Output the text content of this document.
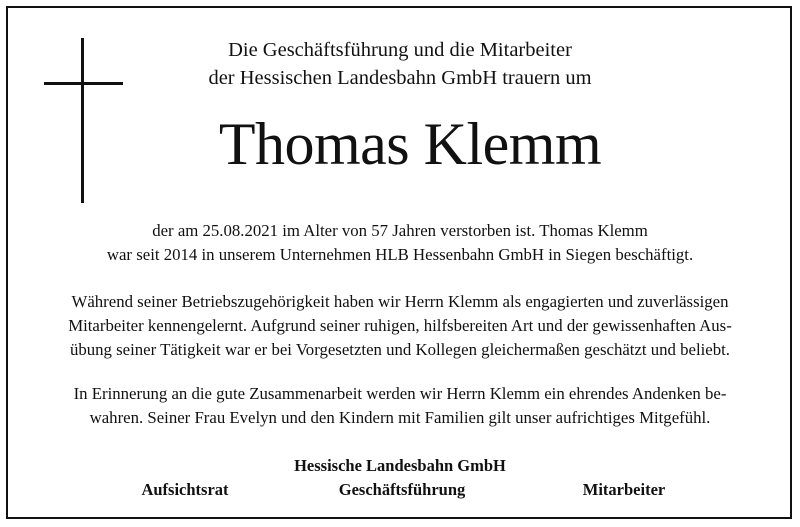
Die Geschäftsführung und die Mitarbeiter
der Hessischen Landesbahn GmbH trauern um
Thomas Klemm
der am 25.08.2021 im Alter von 57 Jahren verstorben ist. Thomas Klemm
war seit 2014 in unserem Unternehmen HLB Hessenbahn GmbH in Siegen beschäftigt.
Während seiner Betriebszugehörigkeit haben wir Herrn Klemm als engagierten und zuverlässigen
Mitarbeiter kennengelernt. Aufgrund seiner ruhigen, hilfsbereiten Art und der gewissenhaften Aus-
übung seiner Tätigkeit war er bei Vorgesetzten und Kollegen gleichermaßen geschätzt und beliebt.
In Erinnerung an die gute Zusammenarbeit werden wir Herrn Klemm ein ehrendes Andenken be-
wahren. Seiner Frau Evelyn und den Kindern mit Familien gilt unser aufrichtiges Mitgefühl.
Hessische Landesbahn GmbH
Aufsichtsrat	Geschäftsführung	Mitarbeiter
